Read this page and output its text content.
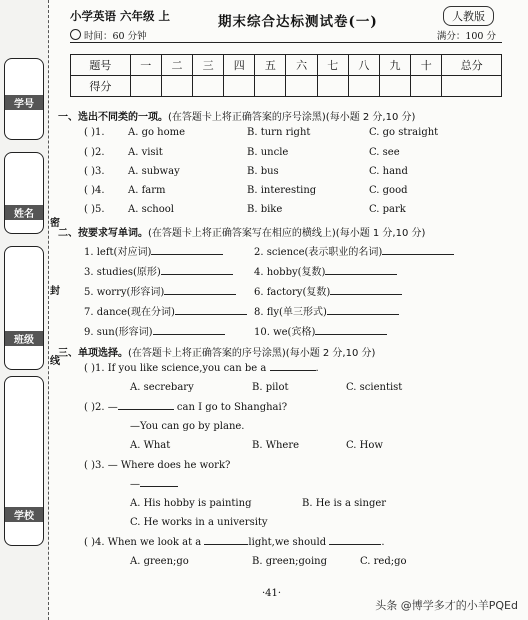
学号
姓名
班级
学校
密
封
线
小学英语 六年级 上	期末综合达标测试卷(一)	人教版
时间：60 分钟	满分：100 分
题号	一	二	三	四	五	六	七	八	九	十	总分
得分											
一、选出不同类的一项。(在答题卡上将正确答案的序号涂黑)(每小题 2 分,10 分)
( )1. A. go home	B. turn right	C. go straight
( )2. A. visit	B. uncle	C. see
( )3. A. subway	B. bus	C. hand
( )4. A. farm	B. interesting	C. good
( )5. A. school	B. bike	C. park
二、按要求写单词。(在答题卡上将正确答案写在相应的横线上)(每小题 1 分,10 分)
1. left(对应词)	2. science(表示职业的名词)
3. studies(原形)	4. hobby(复数)
5. worry(形容词)	6. factory(复数)
7. dance(现在分词)	8. fly(单三形式)
9. sun(形容词)	10. we(宾格)
三、单项选择。(在答题卡上将正确答案的序号涂黑)(每小题 2 分,10 分)
( )1. If you like science,you can be a	.
A. secrebary	B. pilot	C. scientist
( )2. —	can I go to Shanghai?
—You can go by plane.
A. What	B. Where	C. How
( )3. — Where does he work?
—
A. His hobby is painting	B. He is a singer
C. He works in a university
( )4. When we look at a	light,we should	.
A. green;go	B. green;going	C. red;go
·41·
头条 @博学多才的小羊PQEd
